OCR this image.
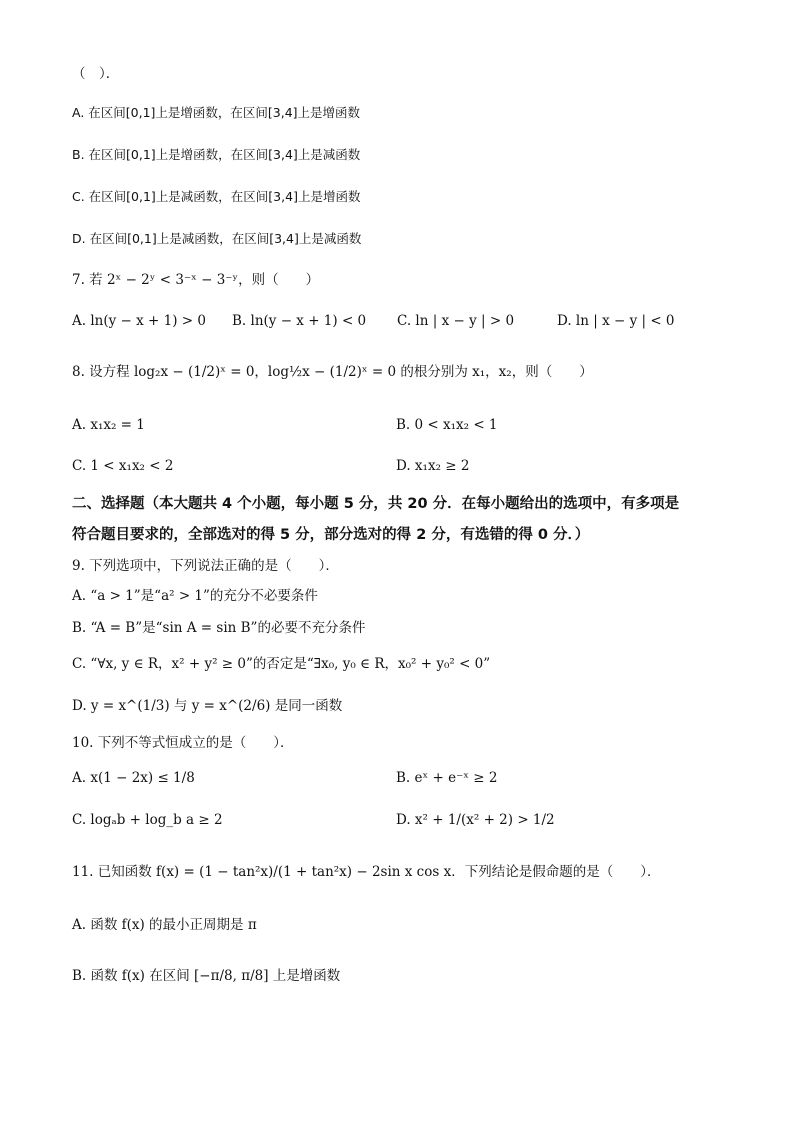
（　）．
A. 在区间[0,1]上是增函数，在区间[3,4]上是增函数
B. 在区间[0,1]上是增函数，在区间[3,4]上是减函数
C. 在区间[0,1]上是减函数，在区间[3,4]上是增函数
D. 在区间[0,1]上是减函数，在区间[3,4]上是减函数
7. 若 2ˣ − 2ʸ < 3⁻ˣ − 3⁻ʸ，则（　　）
A. ln(y − x + 1) > 0 B. ln(y − x + 1) < 0 C. ln | x − y | > 0	D. ln | x − y | < 0
8. 设方程 log₂x − (1/2)ˣ = 0，log½x − (1/2)ˣ = 0 的根分别为 x₁，x₂，则（　　）
A. x₁x₂ = 1	B. 0 < x₁x₂ < 1
C. 1 < x₁x₂ < 2	D. x₁x₂ ≥ 2
二、选择题（本大题共 4 个小题，每小题 5 分，共 20 分．在每小题给出的选项中，有多项是
符合题目要求的，全部选对的得 5 分，部分选对的得 2 分，有选错的得 0 分．）
9. 下列选项中，下列说法正确的是（　　）．
A. “a > 1”是“a² > 1”的充分不必要条件
B. “A = B”是“sin A = sin B”的必要不充分条件
C. “∀x, y ∈ R，x² + y² ≥ 0”的否定是“∃x₀, y₀ ∈ R，x₀² + y₀² < 0”
D. y = x^(1/3) 与 y = x^(2/6) 是同一函数
10. 下列不等式恒成立的是（　　）．
A. x(1 − 2x) ≤ 1/8	B. eˣ + e⁻ˣ ≥ 2
C. logₐb + log_b a ≥ 2	D. x² + 1/(x² + 2) > 1/2
11. 已知函数 f(x) = (1 − tan²x)/(1 + tan²x) − 2sin x cos x．下列结论是假命题的是（　　）．
A. 函数 f(x) 的最小正周期是 π
B. 函数 f(x) 在区间 [−π/8, π/8] 上是增函数
